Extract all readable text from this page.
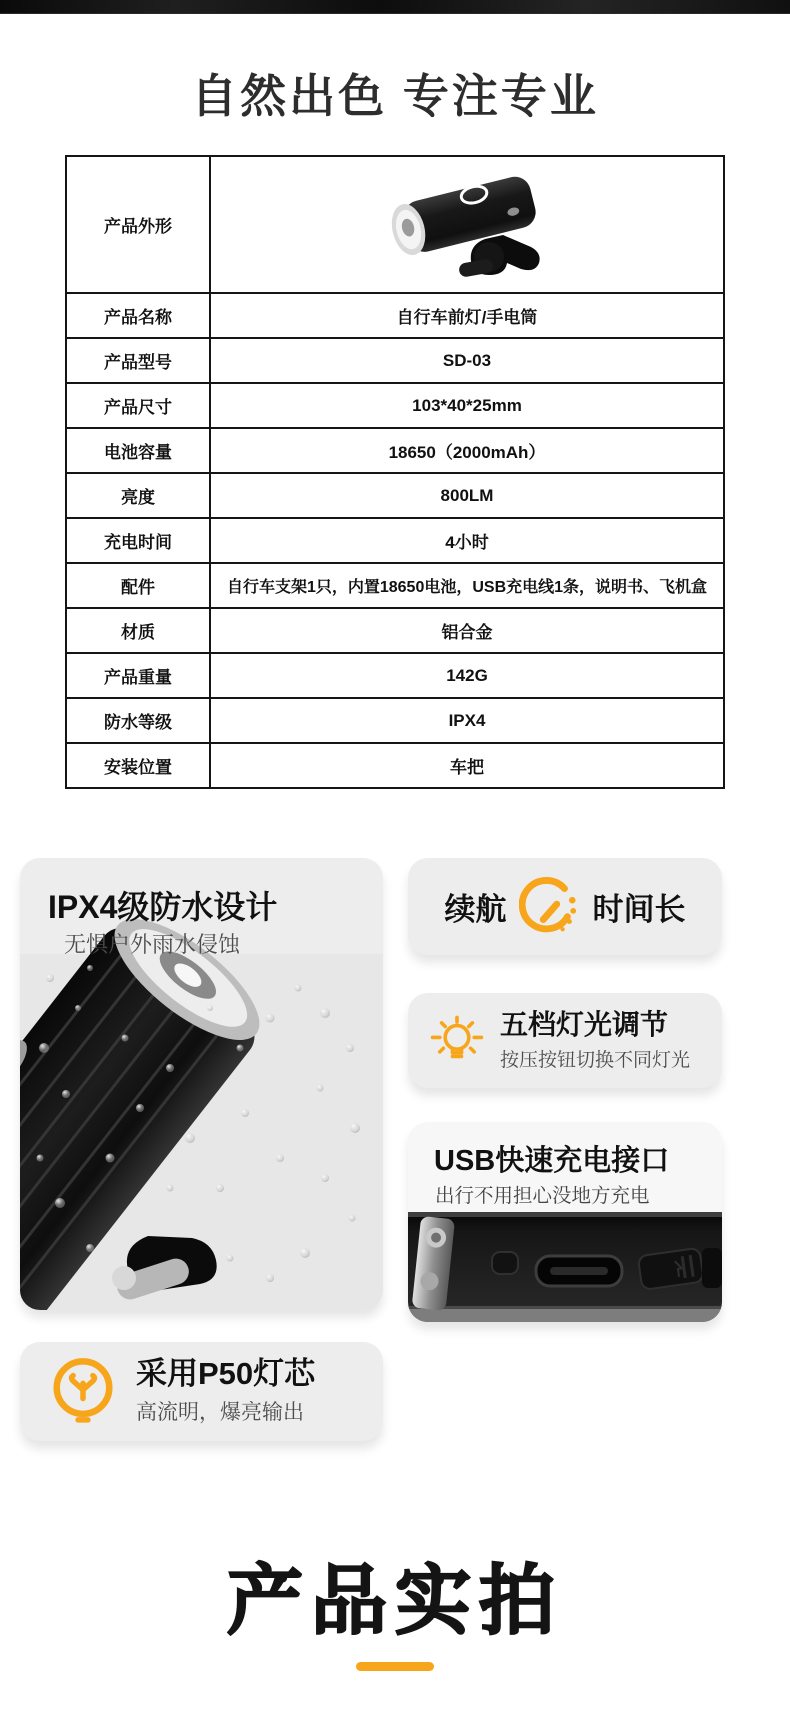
自然出色 专注专业
产品外形	

产品名称	自行车前灯/手电筒
产品型号	SD-03
产品尺寸	103*40*25mm
电池容量	18650（2000mAh）
亮度	800LM
充电时间	4小时
配件	自行车支架1只，内置18650电池，USB充电线1条，说明书、飞机盒
材质	铝合金
产品重量	142G
防水等级	IPX4
安装位置	车把
IPX4级防水设计
无惧户外雨水侵蚀
续航	时间长
五档灯光调节
按压按钮切换不同灯光
USB快速充电接口
出行不用担心没地方充电
采用P50灯芯
高流明，爆亮输出
产品实拍
